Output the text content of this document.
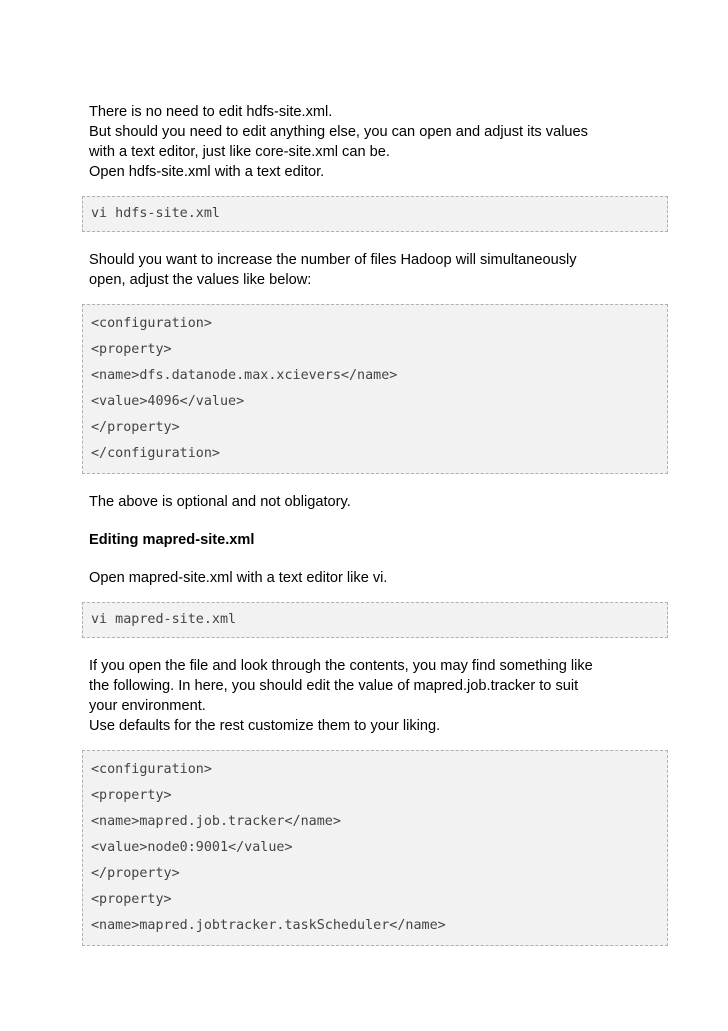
There is no need to edit hdfs-site.xml.
But should you need to edit anything else, you can open and adjust its values
with a text editor, just like core-site.xml can be.
Open hdfs-site.xml with a text editor.
vi hdfs-site.xml
Should you want to increase the number of files Hadoop will simultaneously
open, adjust the values like below:
<configuration>
<property>
<name>dfs.datanode.max.xcievers</name>
<value>4096</value>
</property>
</configuration>
The above is optional and not obligatory.
Editing mapred-site.xml
Open mapred-site.xml with a text editor like vi.
vi mapred-site.xml
If you open the file and look through the contents, you may find something like
the following. In here, you should edit the value of mapred.job.tracker to suit
your environment.
Use defaults for the rest customize them to your liking.
<configuration>
<property>
<name>mapred.job.tracker</name>
<value>node0:9001</value>
</property>
<property>
<name>mapred.jobtracker.taskScheduler</name>
